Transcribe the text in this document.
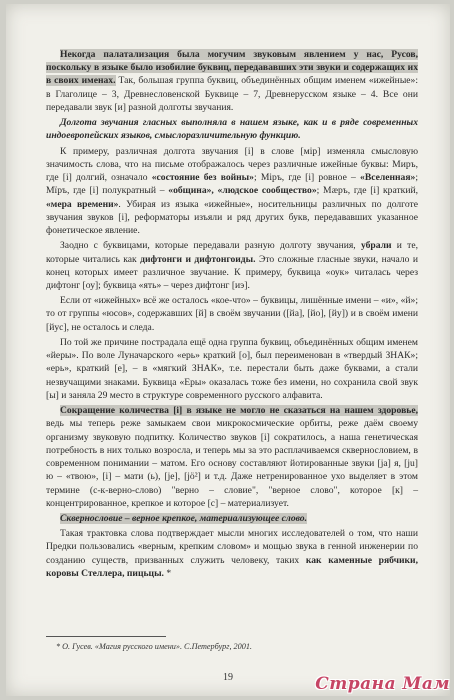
Некогда палатализация была могучим звуковым явлением у нас, Русов, поскольку в языке было изобилие буквиц, передававших эти звуки и содержащих их в своих именах. Так, большая группа буквиц, объединённых общим именем «ижейные»: в Глаголице – 3, Древнесловенской Буквице – 7, Древнерусском языке – 4. Все они передавали звук [и] разной долготы звучания.

Долгота звучания гласных выполняла в нашем языке, как и в ряде современных индоевропейских языков, смыслоразличительную функцию.

К примеру, различная долгота звучания [i] в слове [мiр] изменяла смысловую значимость слова, что на письме отображалось через различные ижейные буквы: Миръ, где [i] долгий, означало «состояние без войны»; Мiръ, где [i] ровное – «Вселенная»; Мïръ, где [i] полукратный – «община», «людское сообщество»; Мæръ, где [i] краткий, «мера времени». Убирая из языка «ижейные», носительницы различных по долготе звучания звуков [i], реформаторы изъяли и ряд других букв, передававших указанное фонетическое явление.

Заодно с буквицами, которые передавали разную долготу звучания, убрали и те, которые читались как дифтонги и дифтонгоиды. Это сложные гласные звуки, начало и конец которых имеет различное звучание. К примеру, буквица «оук» читалась через дифтонг [оу]; буквица «ять» – через дифтонг [иэ].

Если от «ижейных» всё же осталось «кое-что» – буквицы, лишённые имени – «и», «й»; то от группы «юсов», содержавших [й] в своём звучании ([йа], [йо], [йу]) и в своём имени [йус], не осталось и следа.

По той же причине пострадала ещё одна группа буквиц, объединённых общим именем «йеры». По воле Луначарского «ерь» краткий [о], был переименован в «твердый ЗНАК»; «ерь», краткий [е], – в «мягкий ЗНАК», т.е. перестали быть даже буквами, а стали незвучащими знаками. Буквица «Еры» оказалась тоже без имени, но сохранила свой звук [ы] и заняла 29 место в структуре современного русского алфавита.

Сокращение количества [i] в языке не могло не сказаться на нашем здоровье, ведь мы теперь реже замыкаем свои микрокосмические орбиты, реже даём своему организму звуковую подпитку. Количество звуков [i] сократилось, а наша генетическая потребность в них только возросла, и теперь мы за это расплачиваемся сквернословием, в современном понимании – матом. Его основу составляют йотированные звуки [ja] я, [ju] ю – «твою», [i] – мати (ь), [je], [jö²] и т.д. Даже нетренированное ухо выделяет в этом термине (с-к-верно-слово) "верно – словие", "верное слово", которое [к] – концентрированное, крепкое и которое [с] – материализует.

Сквернословие – верное крепкое, материализующее слово.

Такая трактовка слова подтверждает мысли многих исследователей о том, что наши Предки пользовались «верным, крепким словом» и мощью звука в генной инженерии по созданию существ, призванных служить человеку, таких как каменные рябчики, коровы Стеллера, пицьцы. *

* О. Гусев. «Магия русского имени». С.Петербург, 2001.
19	Страна Мам
